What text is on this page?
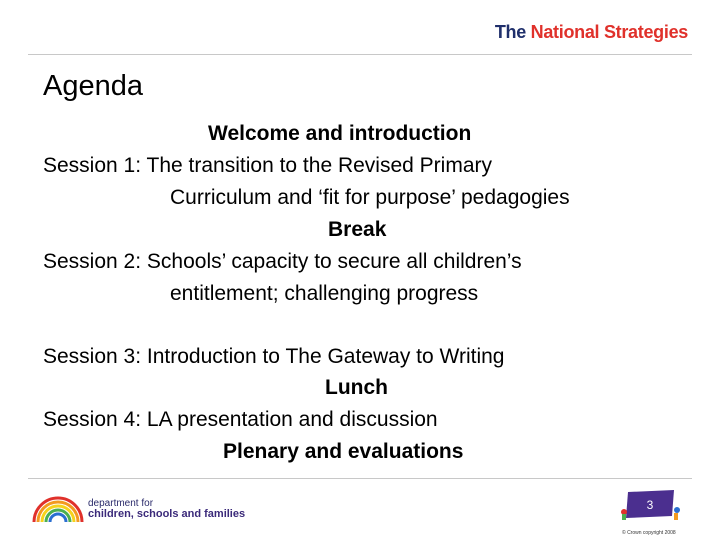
The National Strategies
Agenda
Welcome and introduction
Session 1: The transition to the Revised Primary
Curriculum and ‘fit for purpose’ pedagogies
Break
Session 2: Schools’ capacity to secure all children’s
entitlement; challenging progress
Session 3: Introduction to The Gateway to Writing
Lunch
Session 4: LA presentation and discussion
Plenary and evaluations
department for
children, schools and families
3
© Crown copyright 2008
